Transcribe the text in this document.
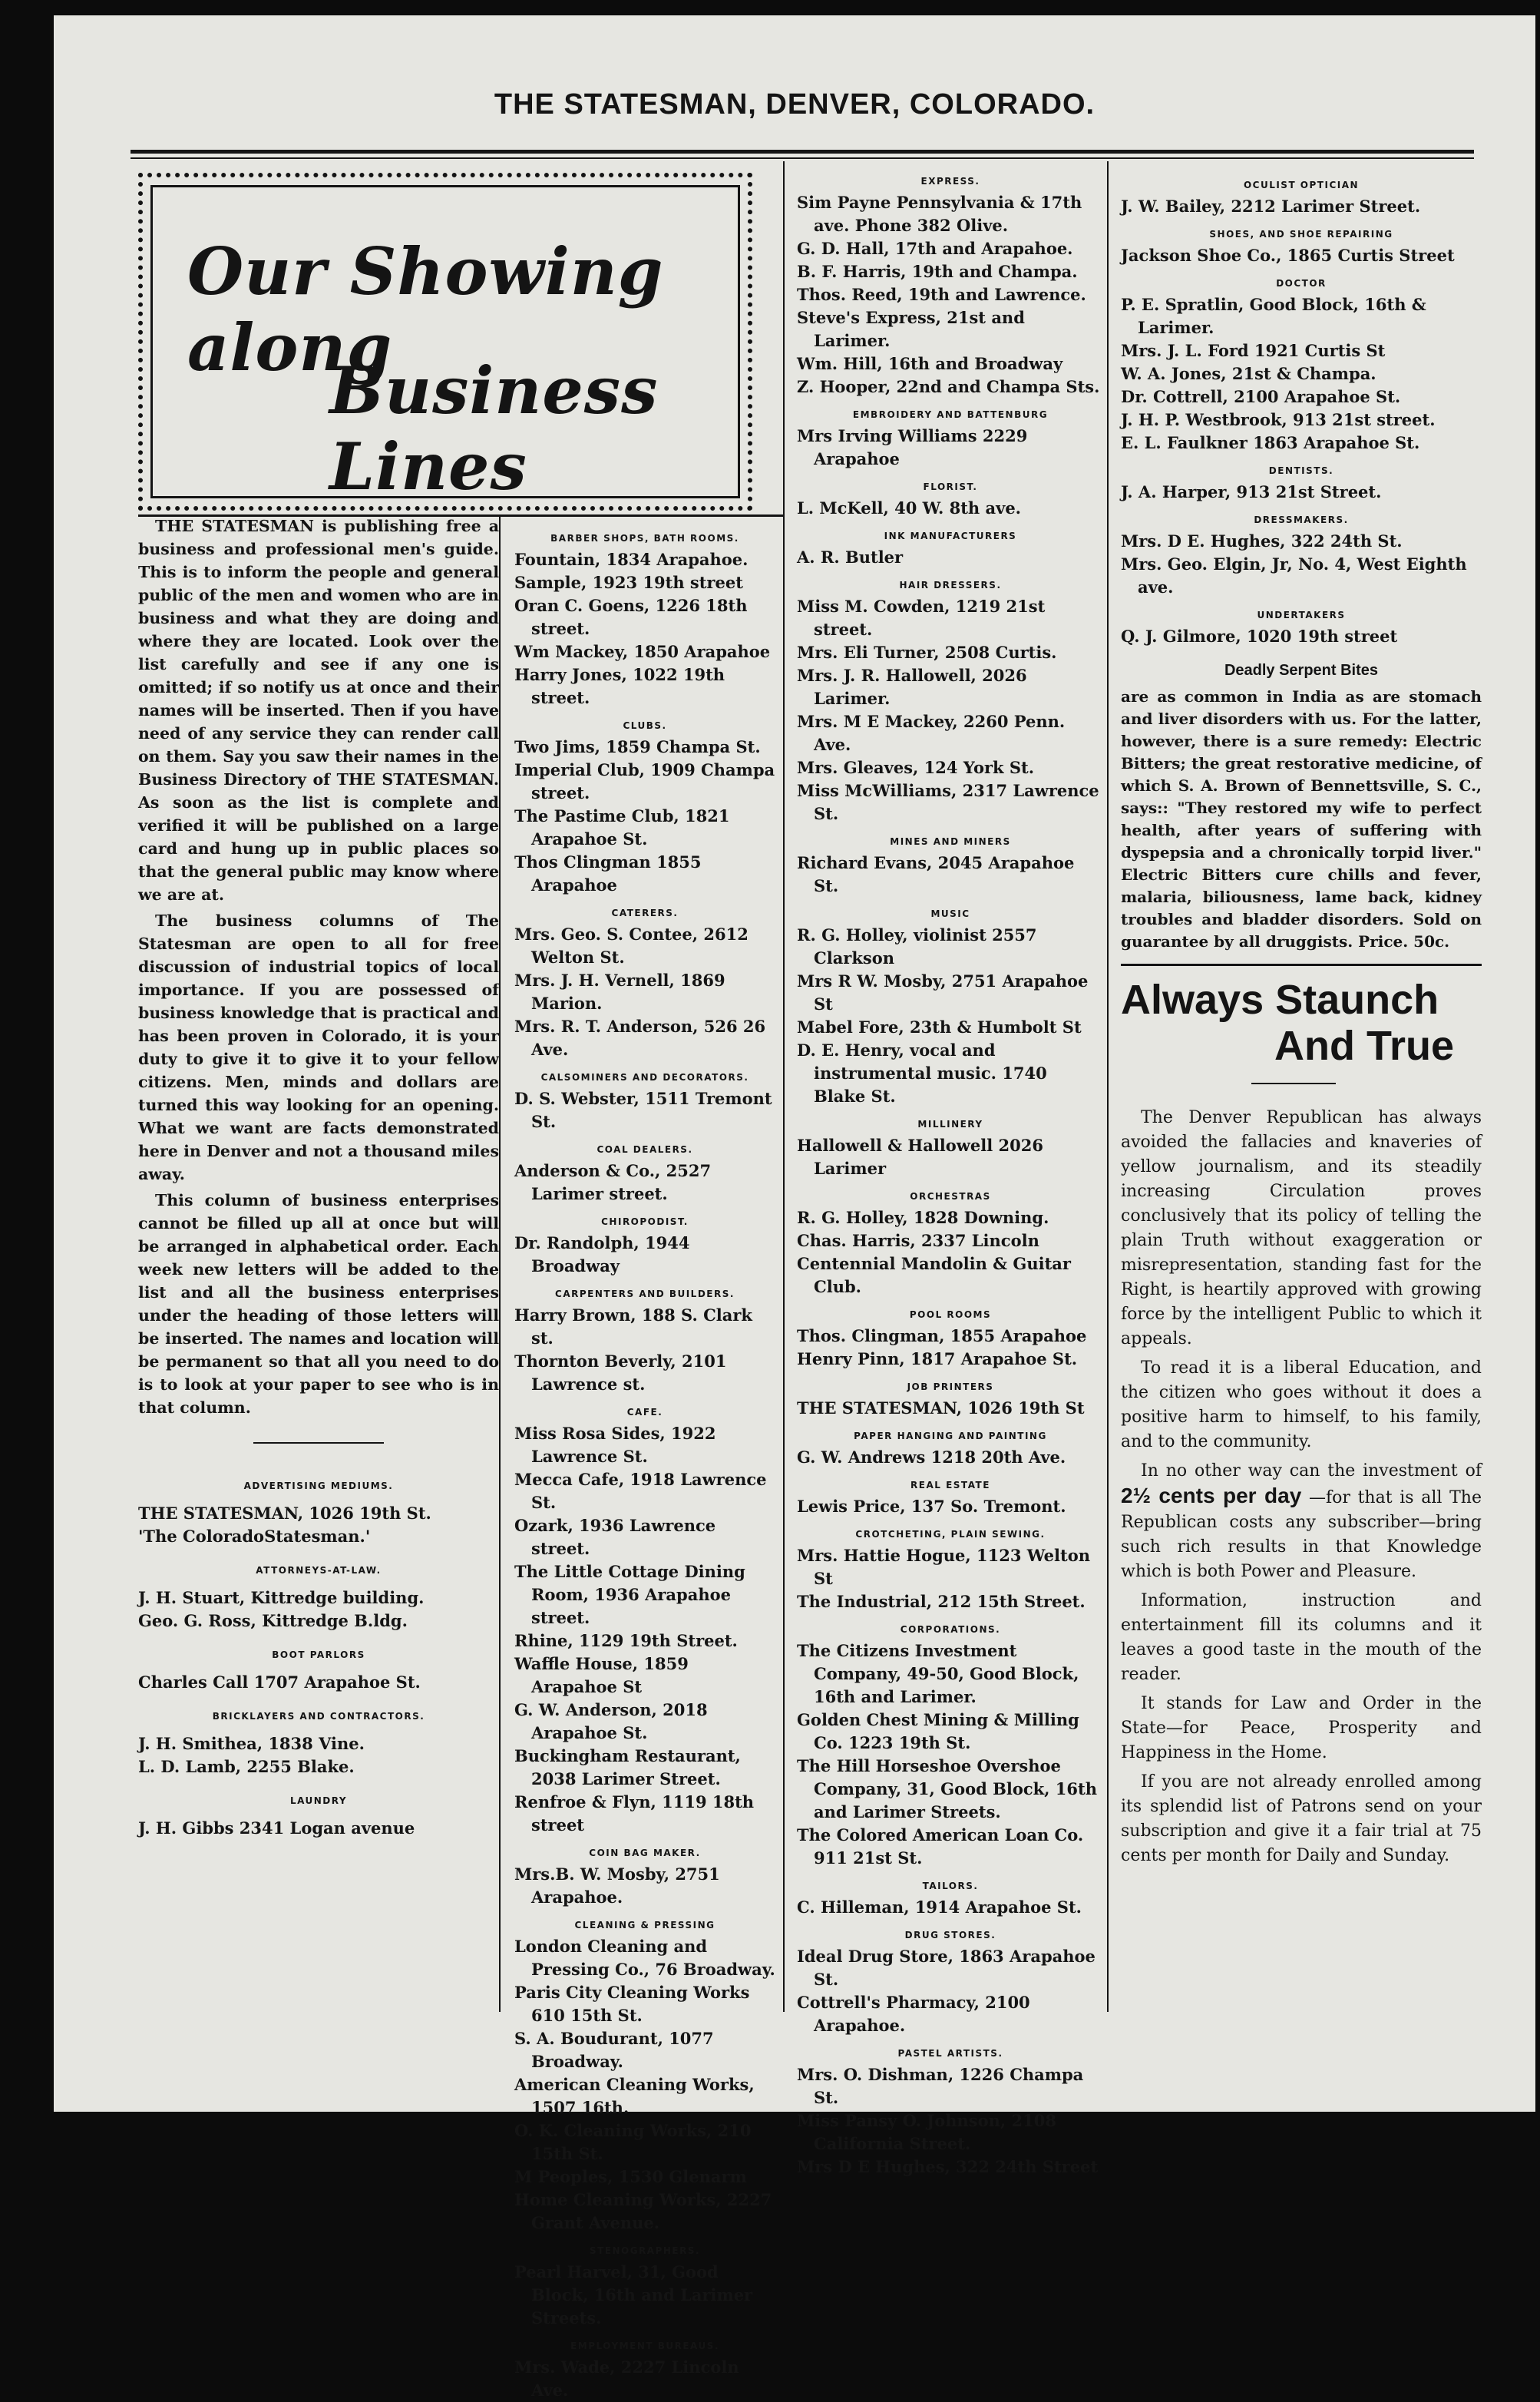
THE STATESMAN, DENVER, COLORADO.
Our Showing along
Business Lines

THE STATESMAN is publishing free a business and professional men's guide. This is to inform the people and general public of the men and women who are in business and what they are doing and where they are located. Look over the list carefully and see if any one is omitted; if so notify us at once and their names will be inserted. Then if you have need of any service they can render call on them. Say you saw their names in the Business Directory of THE STATESMAN. As soon as the list is complete and verified it will be published on a large card and hung up in public places so that the general public may know where we are at.

The business columns of The Statesman are open to all for free discussion of industrial topics of local importance. If you are possessed of business knowledge that is practical and has been proven in Colorado, it is your duty to give it to give it to your fellow citizens. Men, minds and dollars are turned this way looking for an opening. What we want are facts demonstrated here in Denver and not a thousand miles away.

This column of business enterprises cannot be filled up all at once but will be arranged in alphabetical order. Each week new letters will be added to the list and all the business enterprises under the heading of those letters will be inserted. The names and location will be permanent so that all you need to do is to look at your paper to see who is in that column.

ADVERTISING MEDIUMS.
THE STATESMAN, 1026 19th St.
'The ColoradoStatesman.'
ATTORNEYS-AT-LAW.
J. H. Stuart, Kittredge building.
Geo. G. Ross, Kittredge B.ldg.
BOOT PARLORS
Charles Call 1707 Arapahoe St.
BRICKLAYERS AND CONTRACTORS.
J. H. Smithea, 1838 Vine.
L. D. Lamb, 2255 Blake.
LAUNDRY
J. H. Gibbs 2341 Logan avenue
BARBER SHOPS, BATH ROOMS.
Fountain, 1834 Arapahoe.
Sample, 1923 19th street
Oran C. Goens, 1226 18th street.
Wm Mackey, 1850 Arapahoe
Harry Jones, 1022 19th street.
CLUBS.
Two Jims, 1859 Champa St.
Imperial Club, 1909 Champa street.
The Pastime Club, 1821 Arapahoe St.
Thos Clingman 1855 Arapahoe
CATERERS.
Mrs. Geo. S. Contee, 2612 Welton St.
Mrs. J. H. Vernell, 1869 Marion.
Mrs. R. T. Anderson, 526 26 Ave.
CALSOMINERS AND DECORATORS.
D. S. Webster, 1511 Tremont St.
COAL DEALERS.
Anderson & Co., 2527 Larimer street.
CHIROPODIST.
Dr. Randolph, 1944 Broadway
CARPENTERS AND BUILDERS.
Harry Brown, 188 S. Clark st.
Thornton Beverly, 2101 Lawrence st.
CAFE.
Miss Rosa Sides, 1922 Lawrence St.
Mecca Cafe, 1918 Lawrence St.
Ozark, 1936 Lawrence street.
The Little Cottage Dining Room, 1936 Arapahoe street.
Rhine, 1129 19th Street.
Waffle House, 1859 Arapahoe St
G. W. Anderson, 2018 Arapahoe St.
Buckingham Restaurant, 2038 Larimer Street.
Renfroe & Flyn, 1119 18th street
COIN BAG MAKER.
Mrs.B. W. Mosby, 2751 Arapahoe.
CLEANING & PRESSING
London Cleaning and Pressing Co., 76 Broadway.
Paris City Cleaning Works 610 15th St.
S. A. Boudurant, 1077 Broadway.
American Cleaning Works, 1507 16th.
O. K. Cleaning Works, 210 15th St.
M Peoples, 1530 Glenarm
Home Cleaning Works, 2227 Grant Avenue.
STENOGRAPHERS.
Pearl Harvel, 31, Good Block, 16th and Larimer Streets.
EMPLOYMENT BUREAUS.
Mrs. Wade, 2227 Lincoln Ave.
EXPRESS.
Sim Payne Pennsylvania & 17th ave. Phone 382 Olive.
G. D. Hall, 17th and Arapahoe.
B. F. Harris, 19th and Champa.
Thos. Reed, 19th and Lawrence.
Steve's Express, 21st and Larimer.
Wm. Hill, 16th and Broadway
Z. Hooper, 22nd and Champa Sts.
EMBROIDERY AND BATTENBURG
Mrs Irving Williams 2229 Arapahoe
FLORIST.
L. McKell, 40 W. 8th ave.
INK MANUFACTURERS
A. R. Butler
HAIR DRESSERS.
Miss M. Cowden, 1219 21st street.
Mrs. Eli Turner, 2508 Curtis.
Mrs. J. R. Hallowell, 2026 Larimer.
Mrs. M E Mackey, 2260 Penn. Ave.
Mrs. Gleaves, 124 York St.
Miss McWilliams, 2317 Lawrence St.
MINES AND MINERS
Richard Evans, 2045 Arapahoe St.
MUSIC
R. G. Holley, violinist 2557 Clarkson
Mrs R W. Mosby, 2751 Arapahoe St
Mabel Fore, 23th & Humbolt St
D. E. Henry, vocal and instrumental music. 1740 Blake St.
MILLINERY
Hallowell & Hallowell 2026 Larimer
ORCHESTRAS
R. G. Holley, 1828 Downing.
Chas. Harris, 2337 Lincoln
Centennial Mandolin & Guitar Club.
POOL ROOMS
Thos. Clingman, 1855 Arapahoe
Henry Pinn, 1817 Arapahoe St.
JOB PRINTERS
THE STATESMAN, 1026 19th St
PAPER HANGING AND PAINTING
G. W. Andrews 1218 20th Ave.
REAL ESTATE
Lewis Price, 137 So. Tremont.
CROTCHETING, PLAIN SEWING.
Mrs. Hattie Hogue, 1123 Welton St
The Industrial, 212 15th Street.
CORPORATIONS.
The Citizens Investment Company, 49-50, Good Block, 16th and Larimer.
Golden Chest Mining & Milling Co. 1223 19th St.
The Hill Horseshoe Overshoe Company, 31, Good Block, 16th and Larimer Streets.
The Colored American Loan Co. 911 21st St.
TAILORS.
C. Hilleman, 1914 Arapahoe St.
DRUG STORES.
Ideal Drug Store, 1863 Arapahoe St.
Cottrell's Pharmacy, 2100 Arapahoe.
PASTEL ARTISTS.
Mrs. O. Dishman, 1226 Champa St.
Miss Pansy O. Johnson, 2108 California Street.
Mrs D E Hughes, 322 24th Street
OCULIST OPTICIAN
J. W. Bailey, 2212 Larimer Street.
SHOES, AND SHOE REPAIRING
Jackson Shoe Co., 1865 Curtis Street
DOCTOR
P. E. Spratlin, Good Block, 16th & Larimer.
Mrs. J. L. Ford 1921 Curtis St
W. A. Jones, 21st & Champa.
Dr. Cottrell, 2100 Arapahoe St.
J. H. P. Westbrook, 913 21st street.
E. L. Faulkner 1863 Arapahoe St.
DENTISTS.
J. A. Harper, 913 21st Street.
DRESSMAKERS.
Mrs. D E. Hughes, 322 24th St.
Mrs. Geo. Elgin, Jr, No. 4, West Eighth ave.
UNDERTAKERS
Q. J. Gilmore, 1020 19th street
Deadly Serpent Bites
are as common in India as are stomach and liver disorders with us. For the latter, however, there is a sure remedy: Electric Bitters; the great restorative medicine, of which S. A. Brown of Bennettsville, S. C., says:: "They restored my wife to perfect health, after years of suffering with dyspepsia and a chronically torpid liver." Electric Bitters cure chills and fever, malaria, biliousness, lame back, kidney troubles and bladder disorders. Sold on guarantee by all druggists. Price. 50c.
Always Staunch
And True

The Denver Republican has always avoided the fallacies and knaveries of yellow journalism, and its steadily increasing Circulation proves conclusively that its policy of telling the plain Truth without exaggeration or misrepresentation, standing fast for the Right, is heartily approved with growing force by the intelligent Public to which it appeals.

To read it is a liberal Education, and the citizen who goes without it does a positive harm to himself, to his family, and to the community.

In no other way can the investment of 2½ cents per day —for that is all The Republican costs any subscriber—bring such rich results in that Knowledge which is both Power and Pleasure.

Information, instruction and entertainment fill its columns and it leaves a good taste in the mouth of the reader.

It stands for Law and Order in the State—for Peace, Prosperity and Happiness in the Home.

If you are not already enrolled among its splendid list of Patrons send on your subscription and give it a fair trial at 75 cents per month for Daily and Sunday.
